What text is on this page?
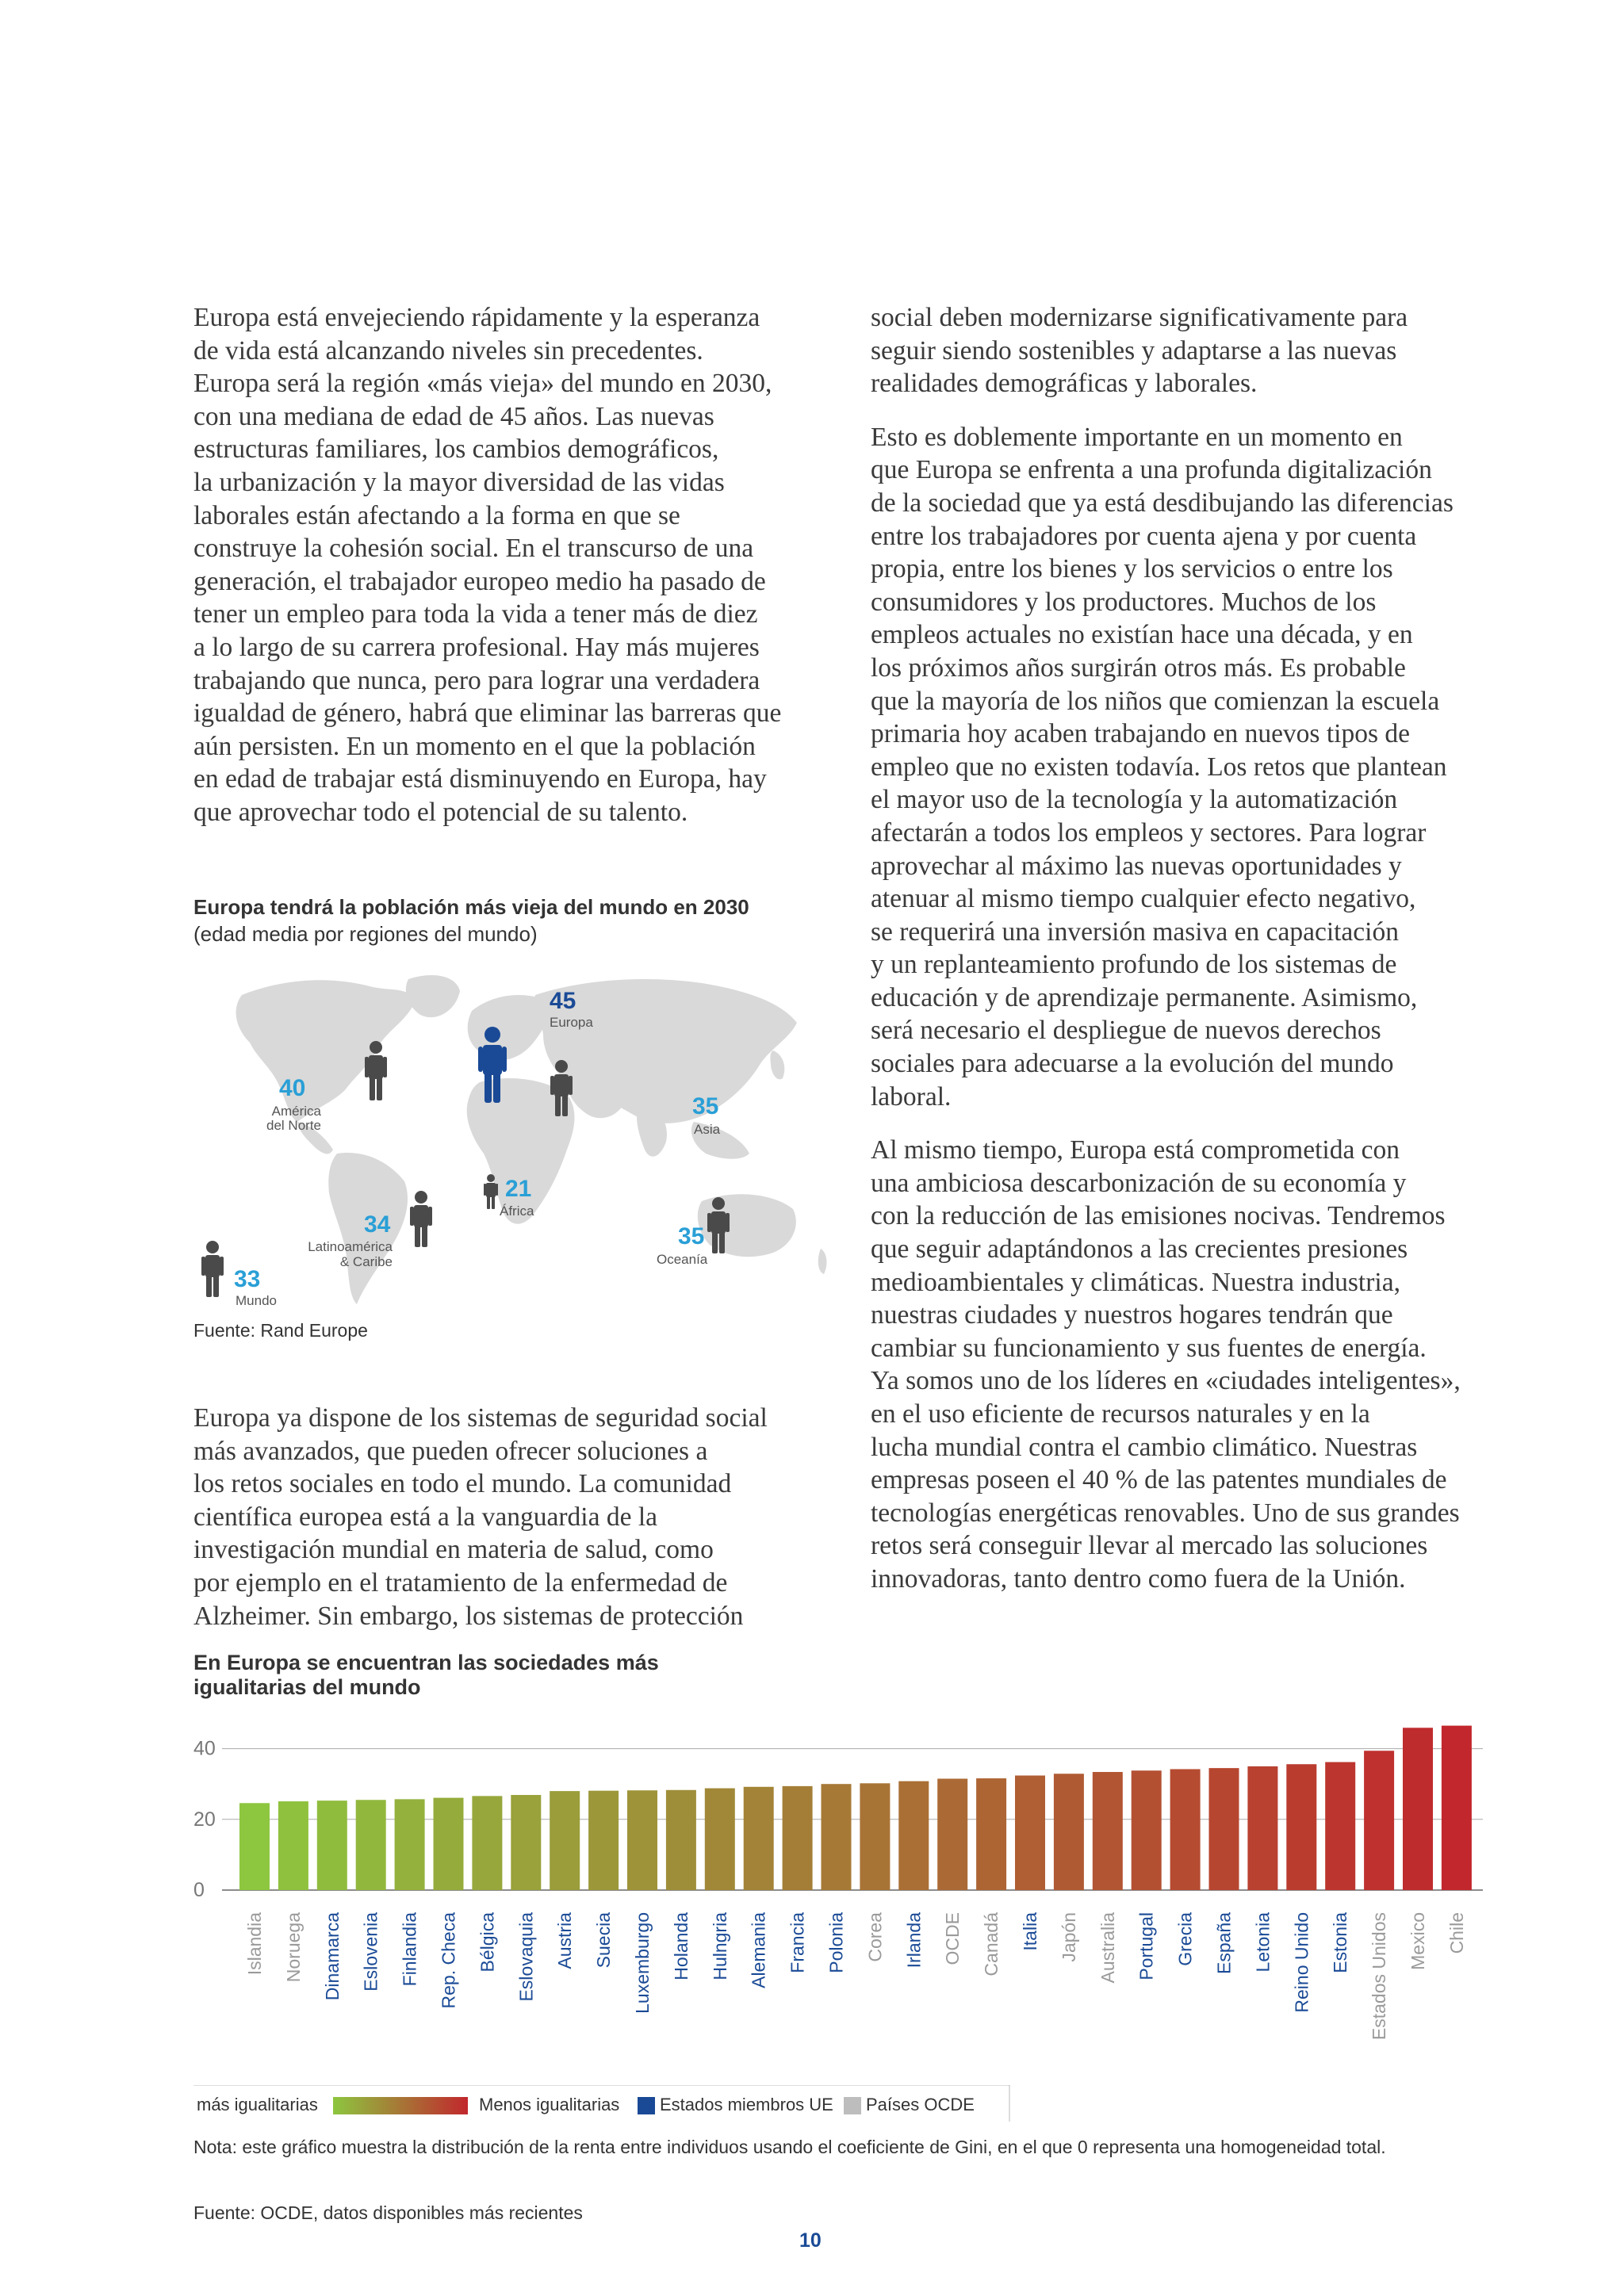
Europa está envejeciendo rápidamente y la esperanza
de vida está alcanzando niveles sin precedentes.
Europa será la región «más vieja» del mundo en 2030,
con una mediana de edad de 45 años. Las nuevas
estructuras familiares, los cambios demográficos,
la urbanización y la mayor diversidad de las vidas
laborales están afectando a la forma en que se
construye la cohesión social. En el transcurso de una
generación, el trabajador europeo medio ha pasado de
tener un empleo para toda la vida a tener más de diez
a lo largo de su carrera profesional. Hay más mujeres
trabajando que nunca, pero para lograr una verdadera
igualdad de género, habrá que eliminar las barreras que
aún persisten. En un momento en el que la población
en edad de trabajar está disminuyendo en Europa, hay
que aprovechar todo el potencial de su talento.

Europa tendrá la población más vieja del mundo en 2030
(edad media por regiones del mundo)
45
Europa
40
América
del Norte
35
Asia
21
África
34
Latinoamérica
& Caribe
35
Oceanía
33
Mundo
Fuente: Rand Europe

Europa ya dispone de los sistemas de seguridad social
más avanzados, que pueden ofrecer soluciones a
los retos sociales en todo el mundo. La comunidad
científica europea está a la vanguardia de la
investigación mundial en materia de salud, como
por ejemplo en el tratamiento de la enfermedad de
Alzheimer. Sin embargo, los sistemas de protección

social deben modernizarse significativamente para
seguir siendo sostenibles y adaptarse a las nuevas
realidades demográficas y laborales.

Esto es doblemente importante en un momento en
que Europa se enfrenta a una profunda digitalización
de la sociedad que ya está desdibujando las diferencias
entre los trabajadores por cuenta ajena y por cuenta
propia, entre los bienes y los servicios o entre los
consumidores y los productores. Muchos de los
empleos actuales no existían hace una década, y en
los próximos años surgirán otros más. Es probable
que la mayoría de los niños que comienzan la escuela
primaria hoy acaben trabajando en nuevos tipos de
empleo que no existen todavía. Los retos que plantean
el mayor uso de la tecnología y la automatización
afectarán a todos los empleos y sectores. Para lograr
aprovechar al máximo las nuevas oportunidades y
atenuar al mismo tiempo cualquier efecto negativo,
se requerirá una inversión masiva en capacitación
y un replanteamiento profundo de los sistemas de
educación y de aprendizaje permanente. Asimismo,
será necesario el despliegue de nuevos derechos
sociales para adecuarse a la evolución del mundo
laboral.

Al mismo tiempo, Europa está comprometida con
una ambiciosa descarbonización de su economía y
con la reducción de las emisiones nocivas. Tendremos
que seguir adaptándonos a las crecientes presiones
medioambientales y climáticas. Nuestra industria,
nuestras ciudades y nuestros hogares tendrán que
cambiar su funcionamiento y sus fuentes de energía.
Ya somos uno de los líderes en «ciudades inteligentes»,
en el uso eficiente de recursos naturales y en la
lucha mundial contra el cambio climático. Nuestras
empresas poseen el 40 % de las patentes mundiales de
tecnologías energéticas renovables. Uno de sus grandes
retos será conseguir llevar al mercado las soluciones
innovadoras, tanto dentro como fuera de la Unión.

En Europa se encuentran las sociedades más
igualitarias del mundo
0
20
40
Islandia Noruega Dinamarca Eslovenia Finlandia Rep. Checa Bélgica Eslovaquia Austria Suecia Luxemburgo Holanda Hulngria Alemania Francia Polonia Corea Irlanda OCDE Canadá Italia Japón Australia Portugal Grecia España Letonia Reino Unido Estonia Estados Unidos Mexico Chile
más igualitarias	Menos igualitarias Estados miembros UE Países OCDE
Nota: este gráfico muestra la distribución de la renta entre individuos usando el coeficiente de Gini, en el que 0 representa una homogeneidad total.
Fuente: OCDE, datos disponibles más recientes
10
